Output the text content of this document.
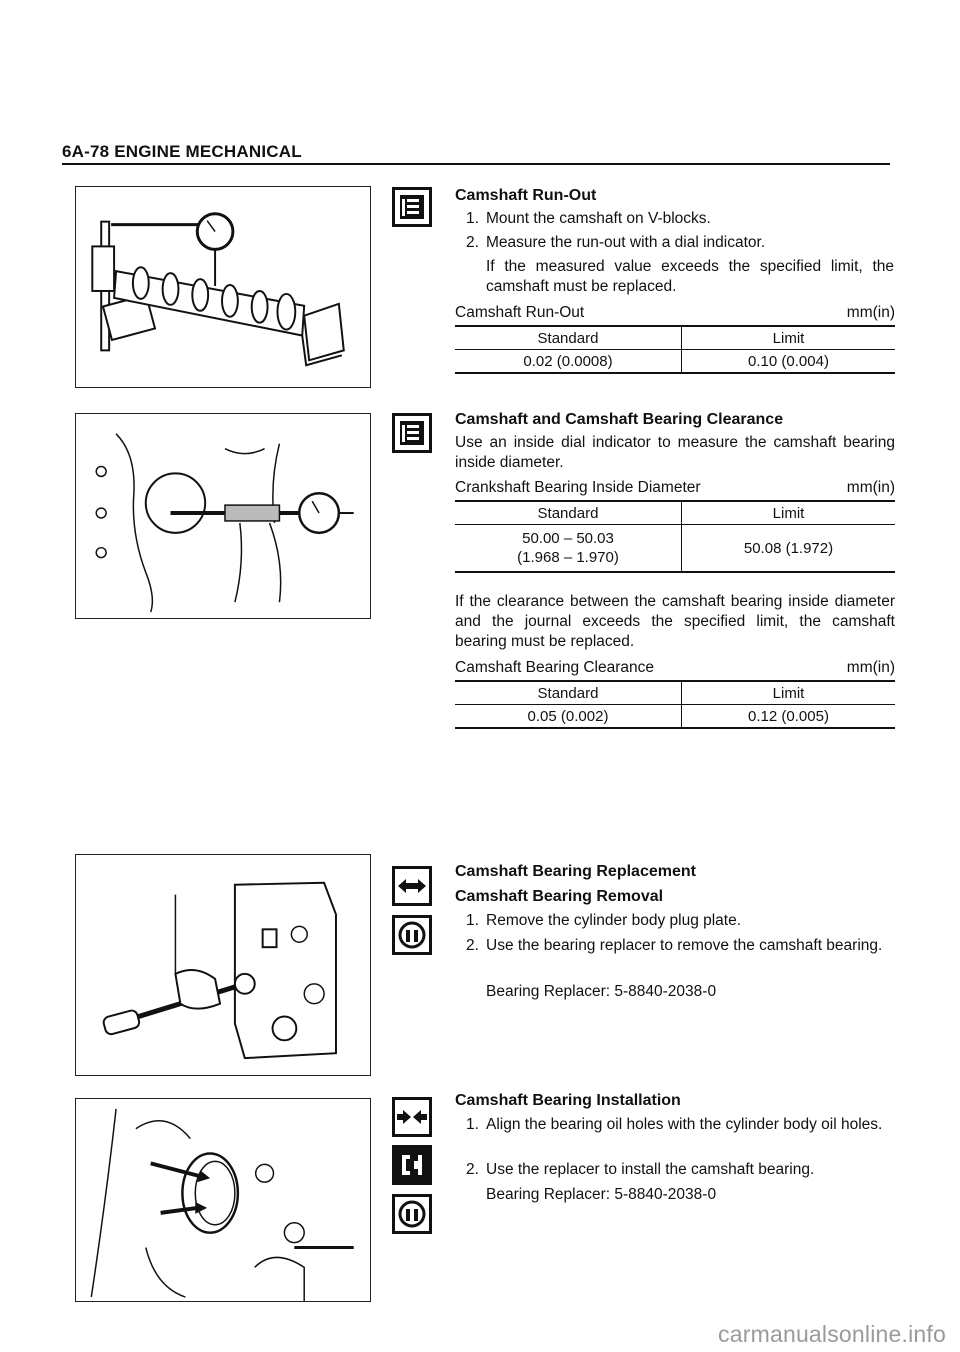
6A-78 ENGINE MECHANICAL
Camshaft Run-Out
1. Mount the camshaft on V-blocks.
2. Measure the run-out with a dial indicator.
If the measured value exceeds the specified limit, the camshaft must be replaced.
Camshaft Run-Out	mm(in)
Standard	Limit
0.02 (0.0008)	0.10 (0.004)
Camshaft and Camshaft Bearing Clearance
Use an inside dial indicator to measure the camshaft bearing inside diameter.
Crankshaft Bearing Inside Diameter	mm(in)
Standard	Limit
50.00 – 50.03
(1.968 – 1.970)	50.08 (1.972)
If the clearance between the camshaft bearing inside diameter and the journal exceeds the specified limit, the camshaft bearing must be replaced.
Camshaft Bearing Clearance	mm(in)
Standard	Limit
0.05 (0.002)	0.12 (0.005)
Camshaft Bearing Replacement
Camshaft Bearing Removal
1. Remove the cylinder body plug plate.
2. Use the bearing replacer to remove the camshaft bearing.
Bearing Replacer: 5-8840-2038-0
Camshaft Bearing Installation
1. Align the bearing oil holes with the cylinder body oil holes.
2. Use the replacer to install the camshaft bearing.
Bearing Replacer: 5-8840-2038-0
carmanualsonline.info
